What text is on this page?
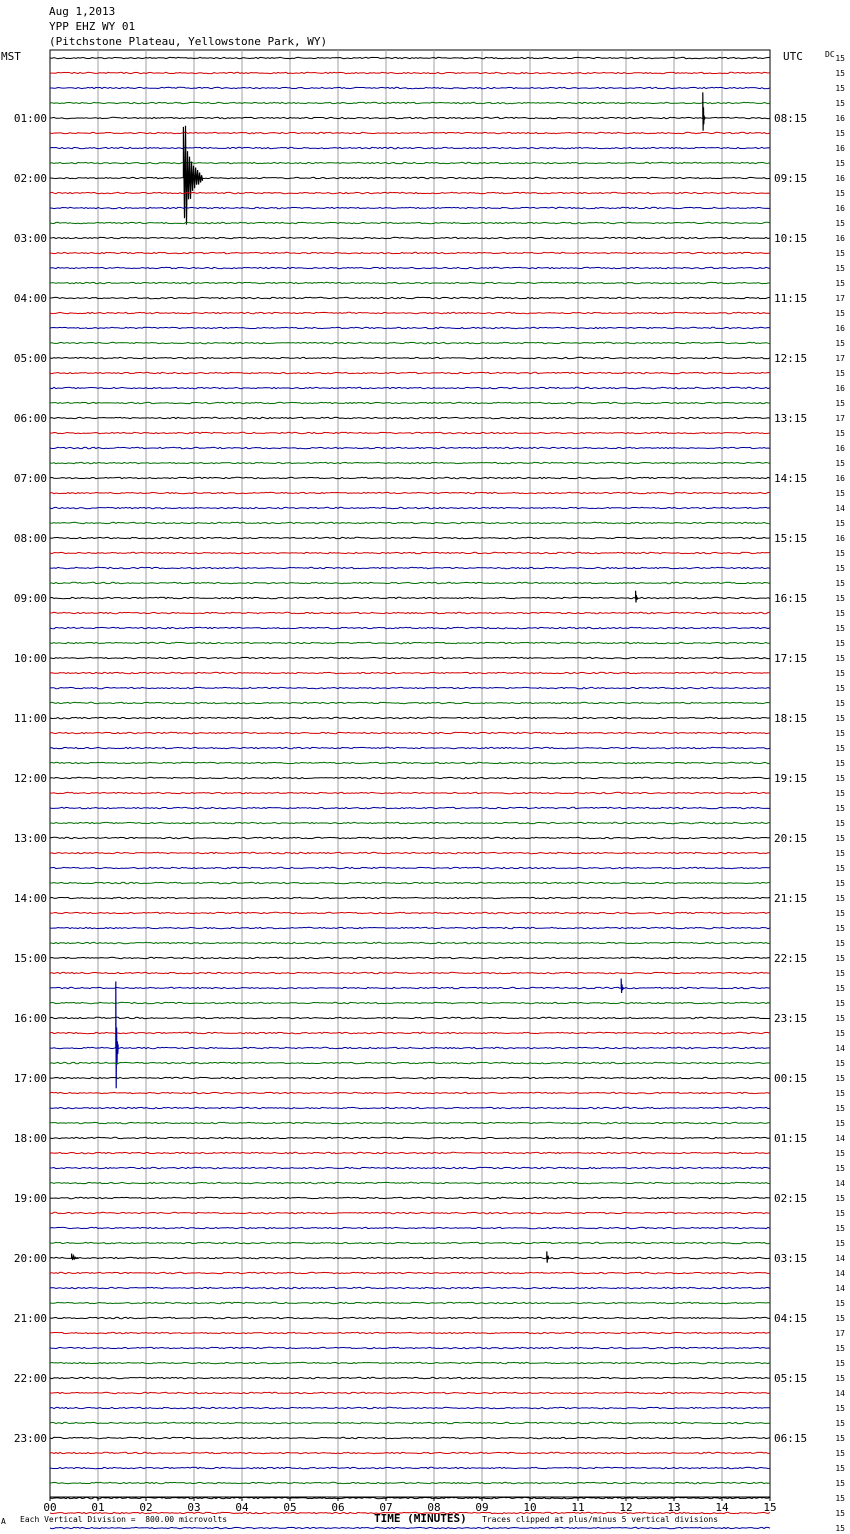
Aug 1,2013
YPP EHZ WY 01
(Pitchstone Plateau, Yellowstone Park, WY)
MST	UTC	DC
01:00
02:00
03:00
04:00
05:00
06:00
07:00
08:00
09:00
10:00
11:00
12:00
13:00
14:00
15:00
16:00
17:00
18:00
19:00
20:00
21:00
22:00
23:00
08:15
09:15
10:15
11:15
12:15
13:15
14:15
15:15
16:15
17:15
18:15
19:15
20:15
21:15
22:15
23:15
00:15
01:15
02:15
03:15
04:15
05:15
06:15
15
15
15
15
16
15
16
15
16
15
16
15
16
15
15
15
17
15
16
15
17
15
16
15
17
15
16
15
16
15
14
15
16
15
15
15
15
15
15
15
15
15
15
15
15
15
15
15
15
15
15
15
15
15
15
15
15
15
15
15
15
15
15
15
15
15
14
15
15
15
15
15
14
15
15
14
15
15
15
15
14
14
14
15
15
17
15
15
15
14
15
15
15
15
15
15
15
15
15
00	01	02	03	04	05	06	07	08	09	10	11	12	13	14	15
A Each Vertical Division =  800.00 microvolts	TIME (MINUTES) Traces clipped at plus/minus 5 vertical divisions
